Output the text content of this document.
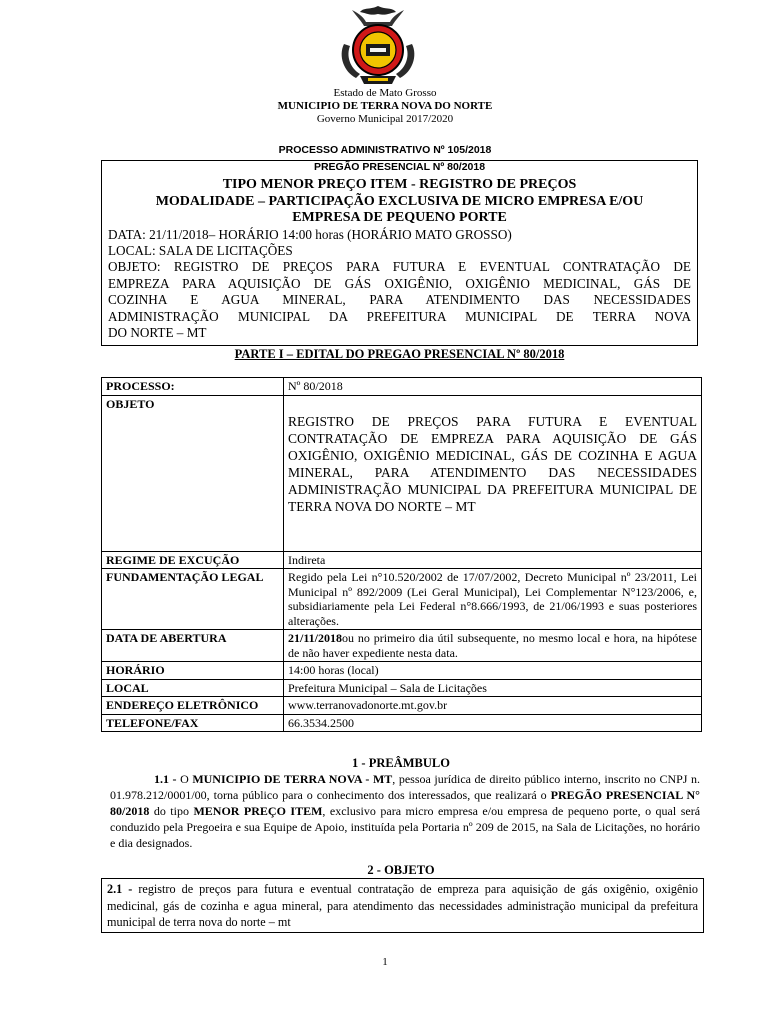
Estado de Mato Grosso
MUNICIPIO DE TERRA NOVA DO NORTE
Governo Municipal 2017/2020
PROCESSO ADMINISTRATIVO Nº 105/2018
PREGÃO PRESENCIAL Nº 80/2018
TIPO MENOR PREÇO ITEM - REGISTRO DE PREÇOS
MODALIDADE – PARTICIPAÇÃO EXCLUSIVA DE MICRO EMPRESA E/OU
EMPRESA DE PEQUENO PORTE
DATA: 21/11/2018– HORÁRIO 14:00 horas (HORÁRIO MATO GROSSO)
LOCAL: SALA DE LICITAÇÕES
OBJETO: REGISTRO DE PREÇOS PARA FUTURA E EVENTUAL CONTRATAÇÃO DE
EMPREZA PARA AQUISIÇÃO DE GÁS OXIGÊNIO, OXIGÊNIO MEDICINAL, GÁS DE
COZINHA E AGUA MINERAL, PARA ATENDIMENTO DAS NECESSIDADES
ADMINISTRAÇÃO MUNICIPAL DA PREFEITURA MUNICIPAL DE TERRA NOVA
DO NORTE – MT
PARTE I – EDITAL DO PREGAO PRESENCIAL Nº 80/2018
PROCESSO:	Nº 80/2018
OBJETO	REGISTRO DE PREÇOS PARA FUTURA E EVENTUAL CONTRATAÇÃO DE EMPREZA PARA AQUISIÇÃO DE GÁS OXIGÊNIO, OXIGÊNIO MEDICINAL, GÁS DE COZINHA E AGUA MINERAL, PARA ATENDIMENTO DAS NECESSIDADES ADMINISTRAÇÃO MUNICIPAL DA PREFEITURA MUNICIPAL DE TERRA NOVA DO NORTE – MT
REGIME DE EXCUÇÃO	Indireta
FUNDAMENTAÇÃO LEGAL	Regido pela Lei n°10.520/2002 de 17/07/2002, Decreto Municipal nº 23/2011, Lei Municipal nº 892/2009 (Lei Geral Municipal), Lei Complementar N°123/2006, e, subsidiariamente pela Lei Federal n°8.666/1993, de 21/06/1993 e suas posteriores alterações.
DATA DE ABERTURA	21/11/2018ou no primeiro dia útil subsequente, no mesmo local e hora, na hipótese de não haver expediente nesta data.
HORÁRIO	14:00 horas (local)
LOCAL	Prefeitura Municipal – Sala de Licitações
ENDEREÇO ELETRÔNICO	www.terranovadonorte.mt.gov.br
TELEFONE/FAX	66.3534.2500
1 - PREÂMBULO
1.1 - O MUNICIPIO DE TERRA NOVA - MT, pessoa jurídica de direito público interno, inscrito no CNPJ n. 01.978.212/0001/00, torna público para o conhecimento dos interessados, que realizará o PREGÃO PRESENCIAL N° 80/2018 do tipo MENOR PREÇO ITEM, exclusivo para micro empresa e/ou empresa de pequeno porte, o qual será conduzido pela Pregoeira e sua Equipe de Apoio, instituída pela Portaria nº 209 de 2015, na Sala de Licitações, no horário e dia designados.
2 - OBJETO
2.1 - registro de preços para futura e eventual contratação de empreza para aquisição de gás oxigênio, oxigênio medicinal, gás de cozinha e agua mineral, para atendimento das necessidades administração municipal da prefeitura municipal de terra nova do norte – mt
1
